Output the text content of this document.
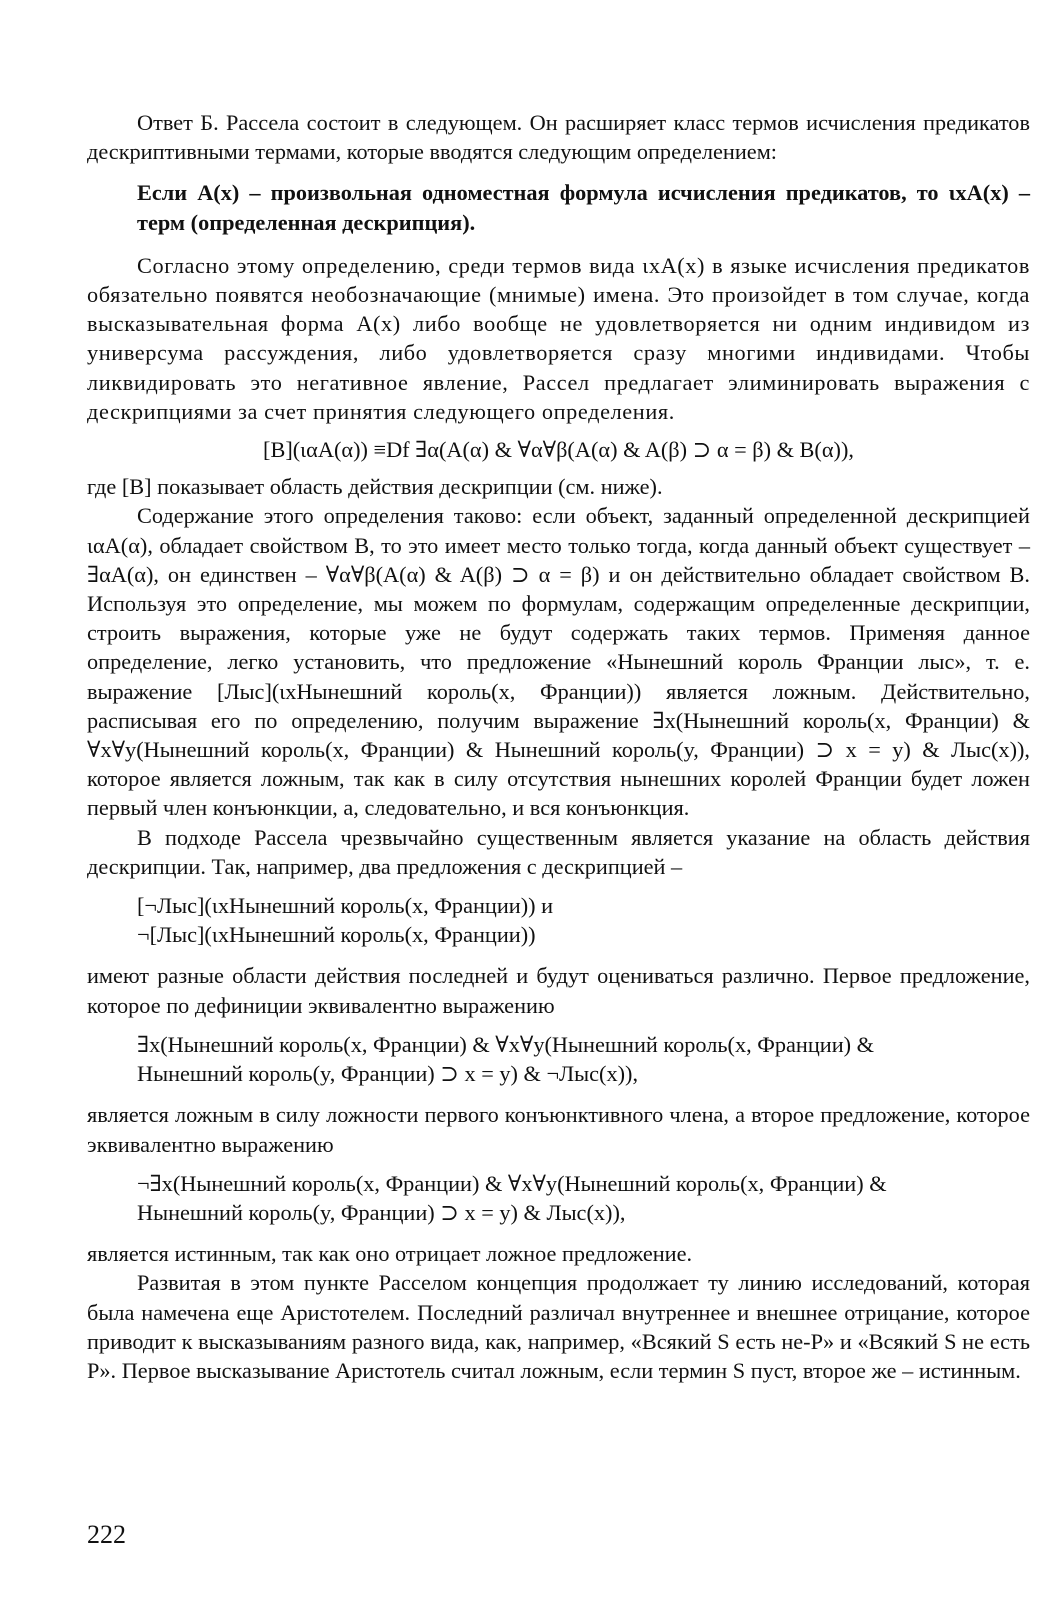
Ответ Б. Рассела состоит в следующем. Он расширяет класс термов исчисления предикатов дескриптивными термами, которые вводятся следующим определением:

Если A(x) – произвольная одноместная формула исчисления предикатов, то ιxA(x) – терм (определенная дескрипция).

Согласно этому определению, среди термов вида ιxA(x) в языке исчисления предикатов обязательно появятся необозначающие (мнимые) имена. Это произойдет в том случае, когда высказывательная форма A(x) либо вообще не удовлетворяется ни одним индивидом из универсума рассуждения, либо удовлетворяется сразу многими индивидами. Чтобы ликвидировать это негативное явление, Рассел предлагает элиминировать выражения с дескрипциями за счет принятия следующего определения.

[B](ιαA(α)) ≡Df ∃α(A(α) & ∀α∀β(A(α) & A(β) ⊃ α = β) & B(α)),

где [B] показывает область действия дескрипции (см. ниже).

Содержание этого определения таково: если объект, заданный определенной дескрипцией ιαA(α), обладает свойством B, то это имеет место только тогда, когда данный объект существует – ∃αA(α), он единствен – ∀α∀β(A(α) & A(β) ⊃ α = β) и он действительно обладает свойством B. Используя это определение, мы можем по формулам, содержащим определенные дескрипции, строить выражения, которые уже не будут содержать таких термов. Применяя данное определение, легко установить, что предложение «Нынешний король Франции лыс», т. е. выражение [Лыс](ιxНынешний король(x, Франции)) является ложным. Действительно, расписывая его по определению, получим выражение ∃x(Нынешний король(x, Франции) & ∀x∀y(Нынешний король(x, Франции) & Нынешний король(y, Франции) ⊃ x = y) & Лыс(x)), которое является ложным, так как в силу отсутствия нынешних королей Франции будет ложен первый член конъюнкции, а, следовательно, и вся конъюнкция.

В подходе Рассела чрезвычайно существенным является указание на область действия дескрипции. Так, например, два предложения с дескрипцией –

[¬Лыс](ιxНынешний король(x, Франции)) и

¬[Лыс](ιxНынешний король(x, Франции))

имеют разные области действия последней и будут оцениваться различно. Первое предложение, которое по дефиниции эквивалентно выражению

∃x(Нынешний король(x, Франции) & ∀x∀y(Нынешний король(x, Франции) &

Нынешний король(y, Франции) ⊃ x = y) & ¬Лыс(x)),

является ложным в силу ложности первого конъюнктивного члена, а второе предложение, которое эквивалентно выражению

¬∃x(Нынешний король(x, Франции) & ∀x∀y(Нынешний король(x, Франции) &

Нынешний король(y, Франции) ⊃ x = y) & Лыс(x)),

является истинным, так как оно отрицает ложное предложение.

Развитая в этом пункте Расселом концепция продолжает ту линию исследований, которая была намечена еще Аристотелем. Последний различал внутреннее и внешнее отрицание, которое приводит к высказываниям разного вида, как, например, «Всякий S есть не-P» и «Всякий S не есть P». Первое высказывание Аристотель считал ложным, если термин S пуст, второе же – истинным.

222
